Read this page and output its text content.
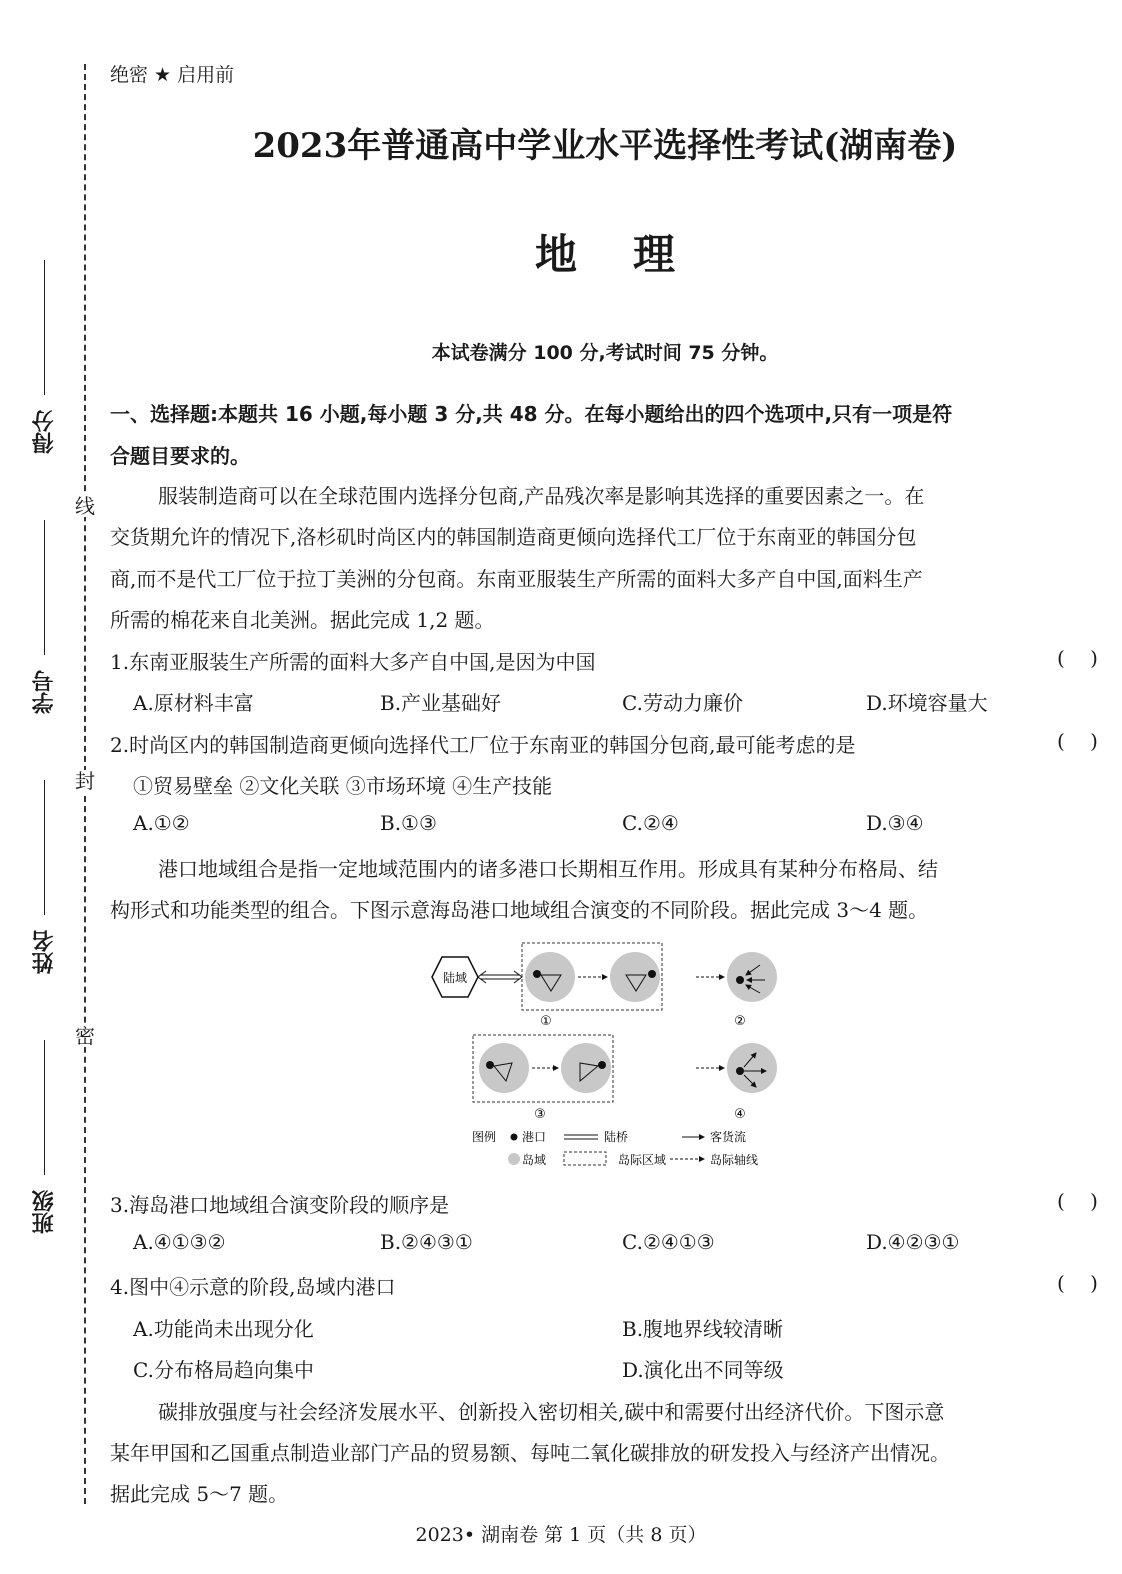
线
封
密
得分
学号
姓名
班级
绝密 ★ 启用前
2023年普通高中学业水平选择性考试(湖南卷)
地理
本试卷满分 100 分,考试时间 75 分钟。
一、选择题:本题共 16 小题,每小题 3 分,共 48 分。在每小题给出的四个选项中,只有一项是符
合题目要求的。
服装制造商可以在全球范围内选择分包商,产品残次率是影响其选择的重要因素之一。在
交货期允许的情况下,洛杉矶时尚区内的韩国制造商更倾向选择代工厂位于东南亚的韩国分包
商,而不是代工厂位于拉丁美洲的分包商。东南亚服装生产所需的面料大多产自中国,面料生产
所需的棉花来自北美洲。据此完成 1,2 题。
1.东南亚服装生产所需的面料大多产自中国,是因为中国	(    )
A.原材料丰富	B.产业基础好	C.劳动力廉价	D.环境容量大
2.时尚区内的韩国制造商更倾向选择代工厂位于东南亚的韩国分包商,最可能考虑的是	(    )
①贸易壁垒 ②文化关联 ③市场环境 ④生产技能
A.①②	B.①③	C.②④	D.③④
港口地域组合是指一定地域范围内的诸多港口长期相互作用。形成具有某种分布格局、结
构形式和功能类型的组合。下图示意海岛港口地域组合演变的不同阶段。据此完成 3～4 题。
陆域
①	②
③	④
图例 港口	陆桥	客货流
岛域	岛际区域	岛际轴线
3.海岛港口地域组合演变阶段的顺序是	(    )
A.④①③②	B.②④③①	C.②④①③	D.④②③①
4.图中④示意的阶段,岛域内港口	(    )
A.功能尚未出现分化	B.腹地界线较清晰
C.分布格局趋向集中	D.演化出不同等级
碳排放强度与社会经济发展水平、创新投入密切相关,碳中和需要付出经济代价。下图示意
某年甲国和乙国重点制造业部门产品的贸易额、每吨二氧化碳排放的研发投入与经济产出情况。
据此完成 5～7 题。
2023• 湖南卷 第 1 页（共 8 页）
